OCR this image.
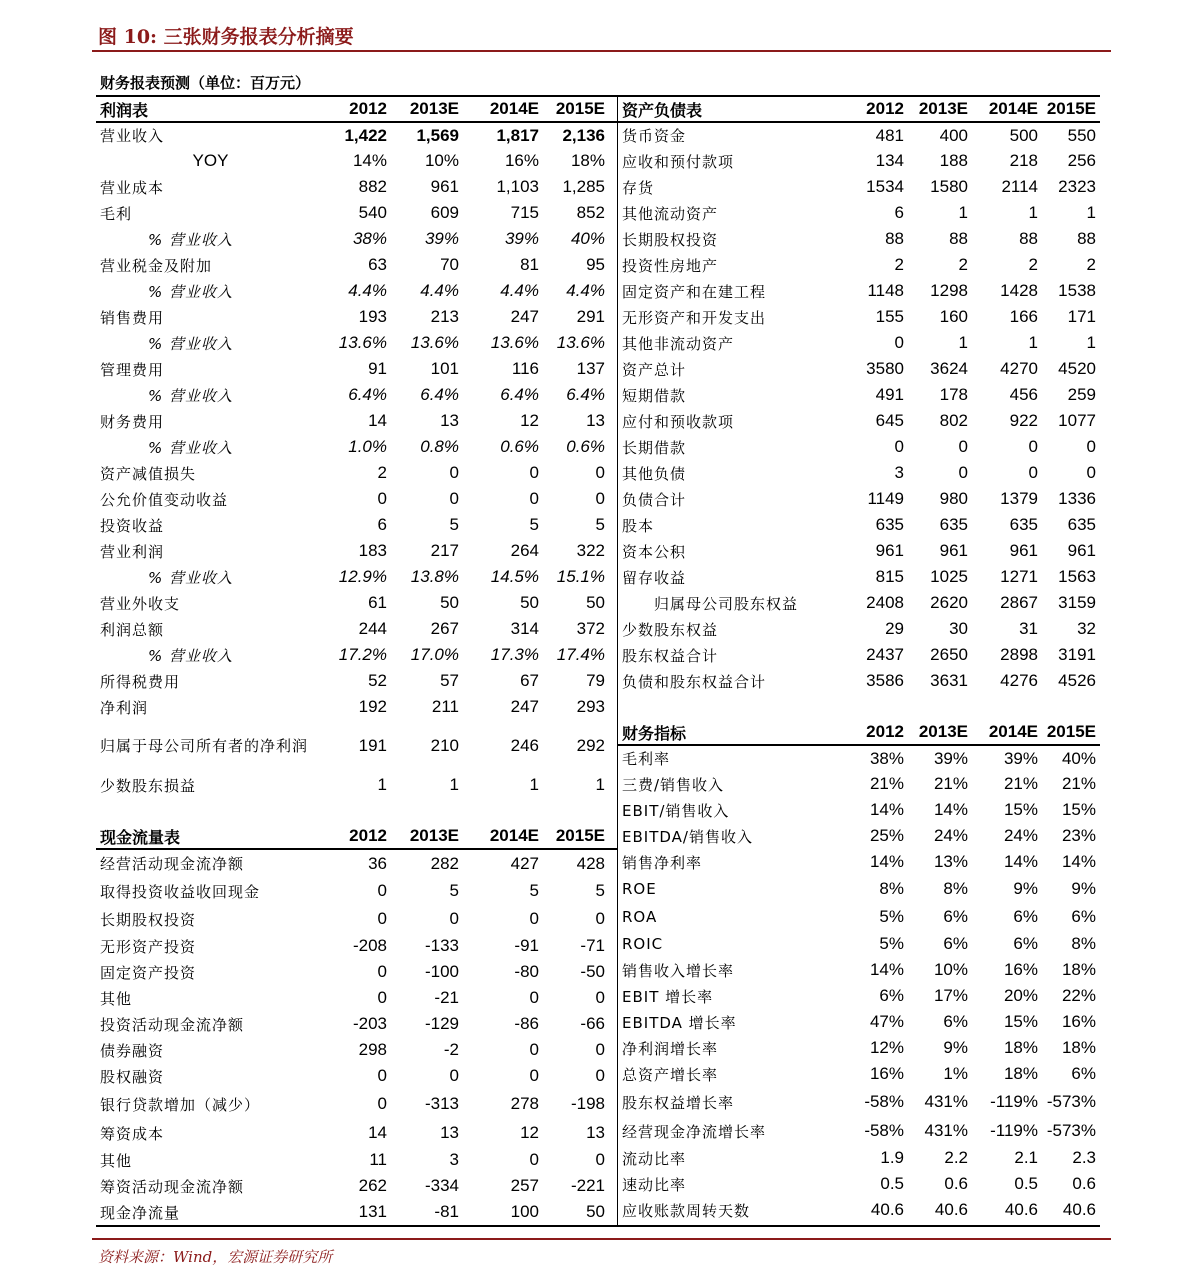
图 10: 三张财务报表分析摘要
财务报表预测（单位：百万元）
利润表	2012	2013E	2014E	2015E
营业收入	1,422	1,569	1,817	2,136
YOY	14%	10%	16%	18%
营业成本	882	961	1,103	1,285
毛利	540	609	715	852
% 营业收入	38%	39%	39%	40%
营业税金及附加	63	70	81	95
% 营业收入	4.4%	4.4%	4.4%	4.4%
销售费用	193	213	247	291
% 营业收入	13.6%	13.6%	13.6%	13.6%
管理费用	91	101	116	137
% 营业收入	6.4%	6.4%	6.4%	6.4%
财务费用	14	13	12	13
% 营业收入	1.0%	0.8%	0.6%	0.6%
资产减值损失	2	0	0	0
公允价值变动收益	0	0	0	0
投资收益	6	5	5	5
营业利润	183	217	264	322
% 营业收入	12.9%	13.8%	14.5%	15.1%
营业外收支	61	50	50	50
利润总额	244	267	314	372
% 营业收入	17.2%	17.0%	17.3%	17.4%
所得税费用	52	57	67	79
净利润	192	211	247	293
归属于母公司所有者的净利润	191	210	246	292
少数股东损益	1	1	1	1
现金流量表	2012	2013E	2014E	2015E
经营活动现金流净额	36	282	427	428
取得投资收益收回现金	0	5	5	5
长期股权投资	0	0	0	0
无形资产投资	-208	-133	-91	-71
固定资产投资	0	-100	-80	-50
其他	0	-21	0	0
投资活动现金流净额	-203	-129	-86	-66
债券融资	298	-2	0	0
股权融资	0	0	0	0
银行贷款增加（减少）	0	-313	278	-198
筹资成本	14	13	12	13
其他	11	3	0	0
筹资活动现金流净额	262	-334	257	-221
现金净流量	131	-81	100	50
资产负债表	2012	2013E	2014E	2015E
货币资金	481	400	500	550
应收和预付款项	134	188	218	256
存货	1534	1580	2114	2323
其他流动资产	6	1	1	1
长期股权投资	88	88	88	88
投资性房地产	2	2	2	2
固定资产和在建工程	1148	1298	1428	1538
无形资产和开发支出	155	160	166	171
其他非流动资产	0	1	1	1
资产总计	3580	3624	4270	4520
短期借款	491	178	456	259
应付和预收款项	645	802	922	1077
长期借款	0	0	0	0
其他负债	3	0	0	0
负债合计	1149	980	1379	1336
股本	635	635	635	635
资本公积	961	961	961	961
留存收益	815	1025	1271	1563
归属母公司股东权益	2408	2620	2867	3159
少数股东权益	29	30	31	32
股东权益合计	2437	2650	2898	3191
负债和股东权益合计	3586	3631	4276	4526
财务指标	2012	2013E	2014E	2015E
毛利率	38%	39%	39%	40%
三费/销售收入	21%	21%	21%	21%
EBIT/销售收入	14%	14%	15%	15%
EBITDA/销售收入	25%	24%	24%	23%
销售净利率	14%	13%	14%	14%
ROE	8%	8%	9%	9%
ROA	5%	6%	6%	6%
ROIC	5%	6%	6%	8%
销售收入增长率	14%	10%	16%	18%
EBIT 增长率	6%	17%	20%	22%
EBITDA 增长率	47%	6%	15%	16%
净利润增长率	12%	9%	18%	18%
总资产增长率	16%	1%	18%	6%
股东权益增长率	-58%	431%	-119%	-573%
经营现金净流增长率	-58%	431%	-119%	-573%
流动比率	1.9	2.2	2.1	2.3
速动比率	0.5	0.6	0.5	0.6
应收账款周转天数	40.6	40.6	40.6	40.6
资料来源：Wind，宏源证券研究所
